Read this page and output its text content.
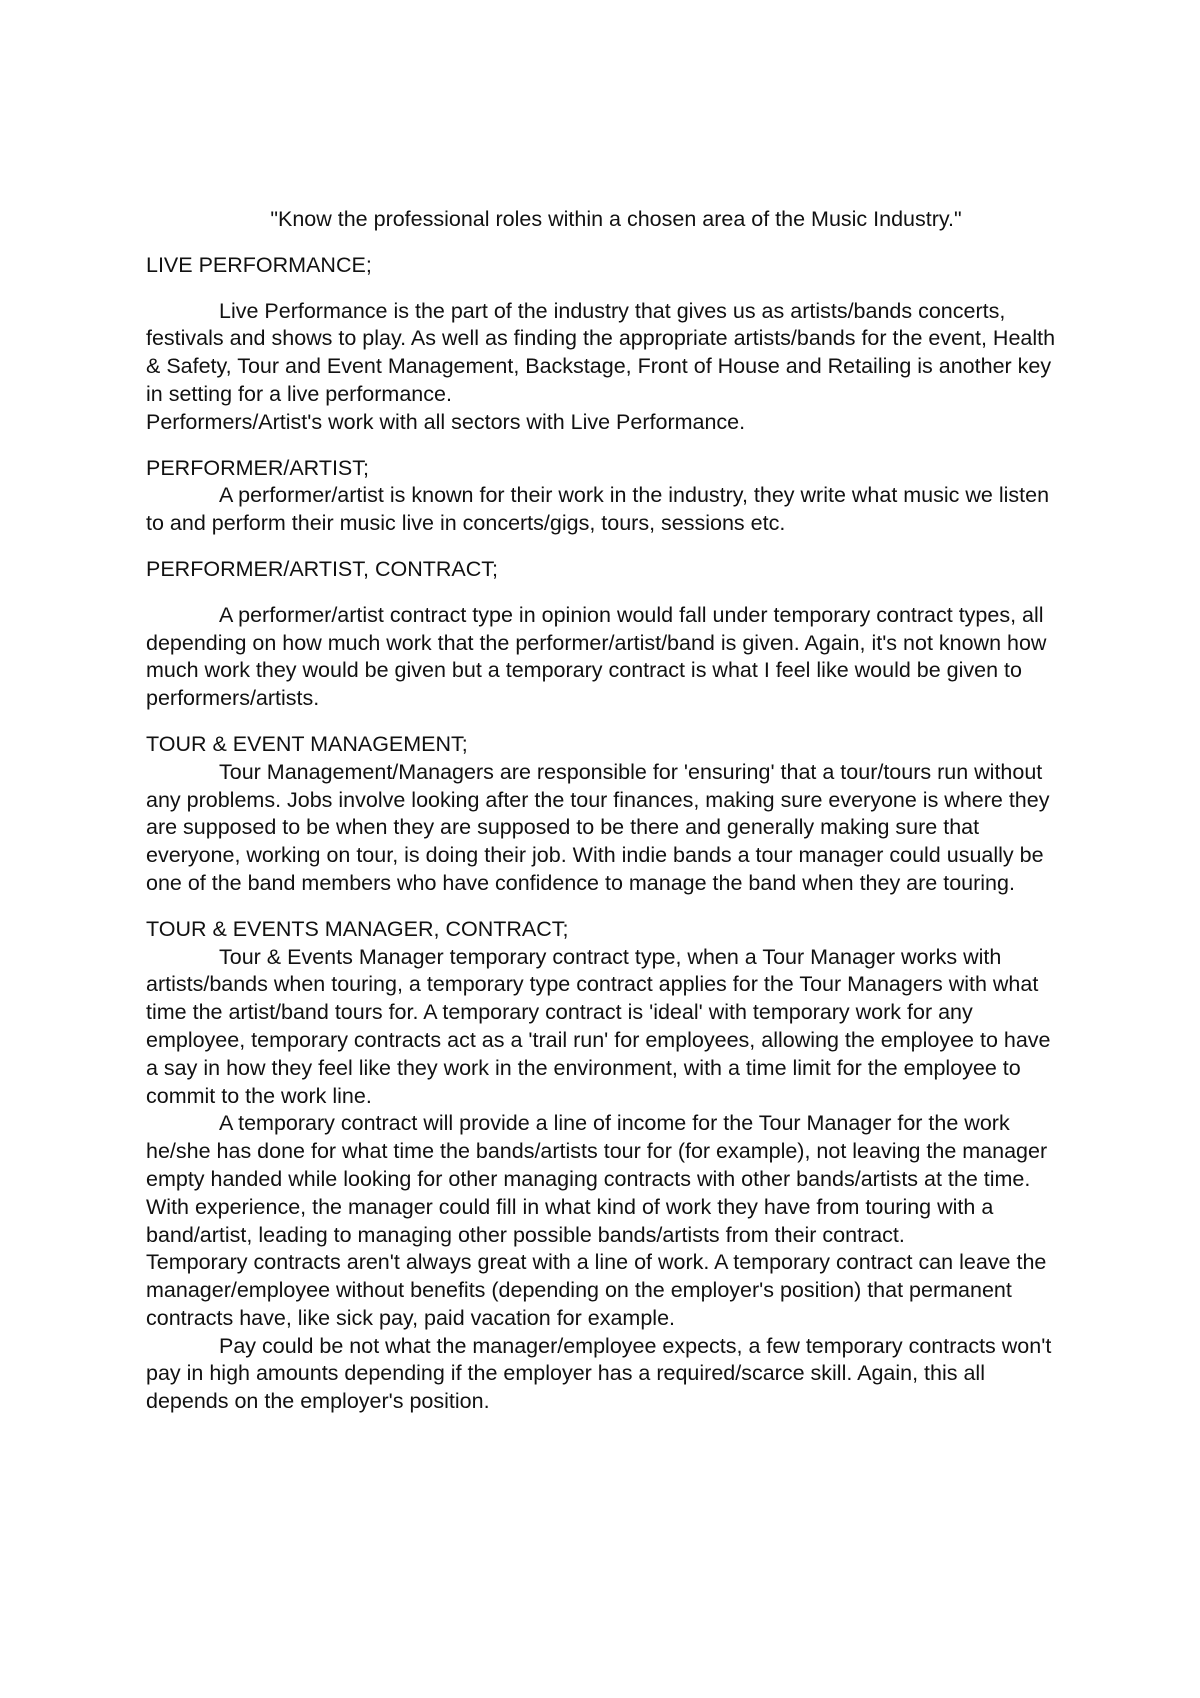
"Know the professional roles within a chosen area of the Music Industry."

LIVE PERFORMANCE;

Live Performance is the part of the industry that gives us as artists/bands concerts, festivals and shows to play. As well as finding the appropriate artists/bands for the event, Health & Safety, Tour and Event Management, Backstage, Front of House and Retailing is another key in setting for a live performance.

Performers/Artist's work with all sectors with Live Performance.

PERFORMER/ARTIST;

A performer/artist is known for their work in the industry, they write what music we listen to and perform their music live in concerts/gigs, tours, sessions etc.

PERFORMER/ARTIST, CONTRACT;

A performer/artist contract type in opinion would fall under temporary contract types, all depending on how much work that the performer/artist/band is given. Again, it's not known how much work they would be given but a temporary contract is what I feel like would be given to performers/artists.

TOUR & EVENT MANAGEMENT;

Tour Management/Managers are responsible for 'ensuring' that a tour/tours run without any problems. Jobs involve looking after the tour finances, making sure everyone is where they are supposed to be when they are supposed to be there and generally making sure that everyone, working on tour, is doing their job. With indie bands a tour manager could usually be one of the band members who have confidence to manage the band when they are touring.

TOUR & EVENTS MANAGER, CONTRACT;

Tour & Events Manager temporary contract type, when a Tour Manager works with artists/bands when touring, a temporary type contract applies for the Tour Managers with what time the artist/band tours for. A temporary contract is 'ideal' with temporary work for any employee, temporary contracts act as a 'trail run' for employees, allowing the employee to have a say in how they feel like they work in the environment, with a time limit for the employee to commit to the work line.

A temporary contract will provide a line of income for the Tour Manager for the work he/she has done for what time the bands/artists tour for (for example), not leaving the manager empty handed while looking for other managing contracts with other bands/artists at the time.

With experience, the manager could fill in what kind of work they have from touring with a band/artist, leading to managing other possible bands/artists from their contract.

Temporary contracts aren't always great with a line of work. A temporary contract can leave the manager/employee without benefits (depending on the employer's position) that permanent contracts have, like sick pay, paid vacation for example.

Pay could be not what the manager/employee expects, a few temporary contracts won't pay in high amounts depending if the employer has a required/scarce skill. Again, this all depends on the employer's position.
